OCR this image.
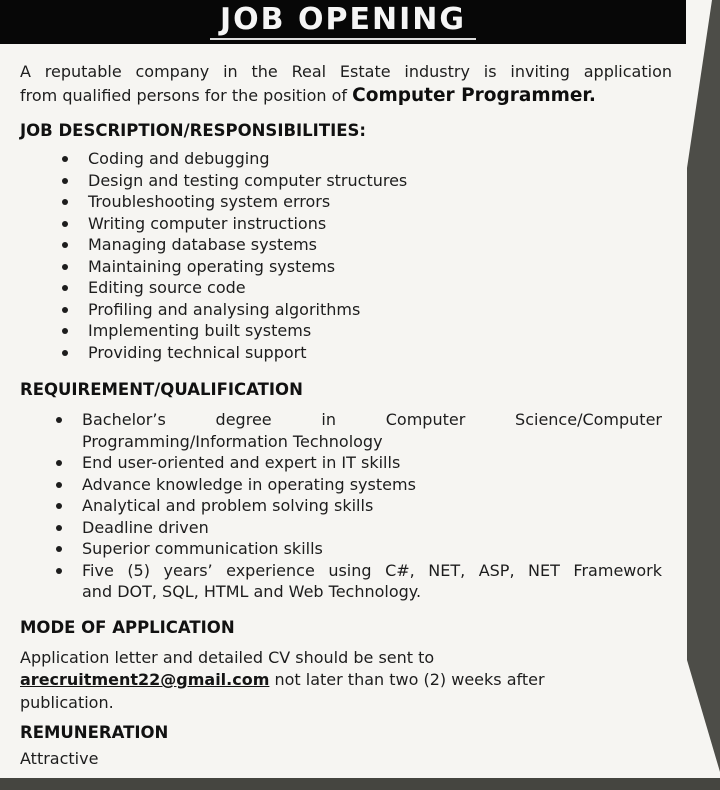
JOB OPENING

A reputable company in the Real Estate industry is inviting application
from qualified persons for the position of Computer Programmer.

JOB DESCRIPTION/RESPONSIBILITIES:
Coding and debugging
Design and testing computer structures
Troubleshooting system errors
Writing computer instructions
Managing database systems
Maintaining operating systems
Editing source code
Profiling and analysing algorithms
Implementing built systems
Providing technical support
REQUIREMENT/QUALIFICATION
Bachelor’s degree in Computer Science/Computer
Programming/Information Technology
End user-oriented and expert in IT skills
Advance knowledge in operating systems
Analytical and problem solving skills
Deadline driven
Superior communication skills
Five (5) years’ experience using C#, NET, ASP, NET Framework
and DOT, SQL, HTML and Web Technology.
MODE OF APPLICATION

Application letter and detailed CV should be sent to
arecruitment22@gmail.com not later than two (2) weeks after
publication.

REMUNERATION
Attractive
